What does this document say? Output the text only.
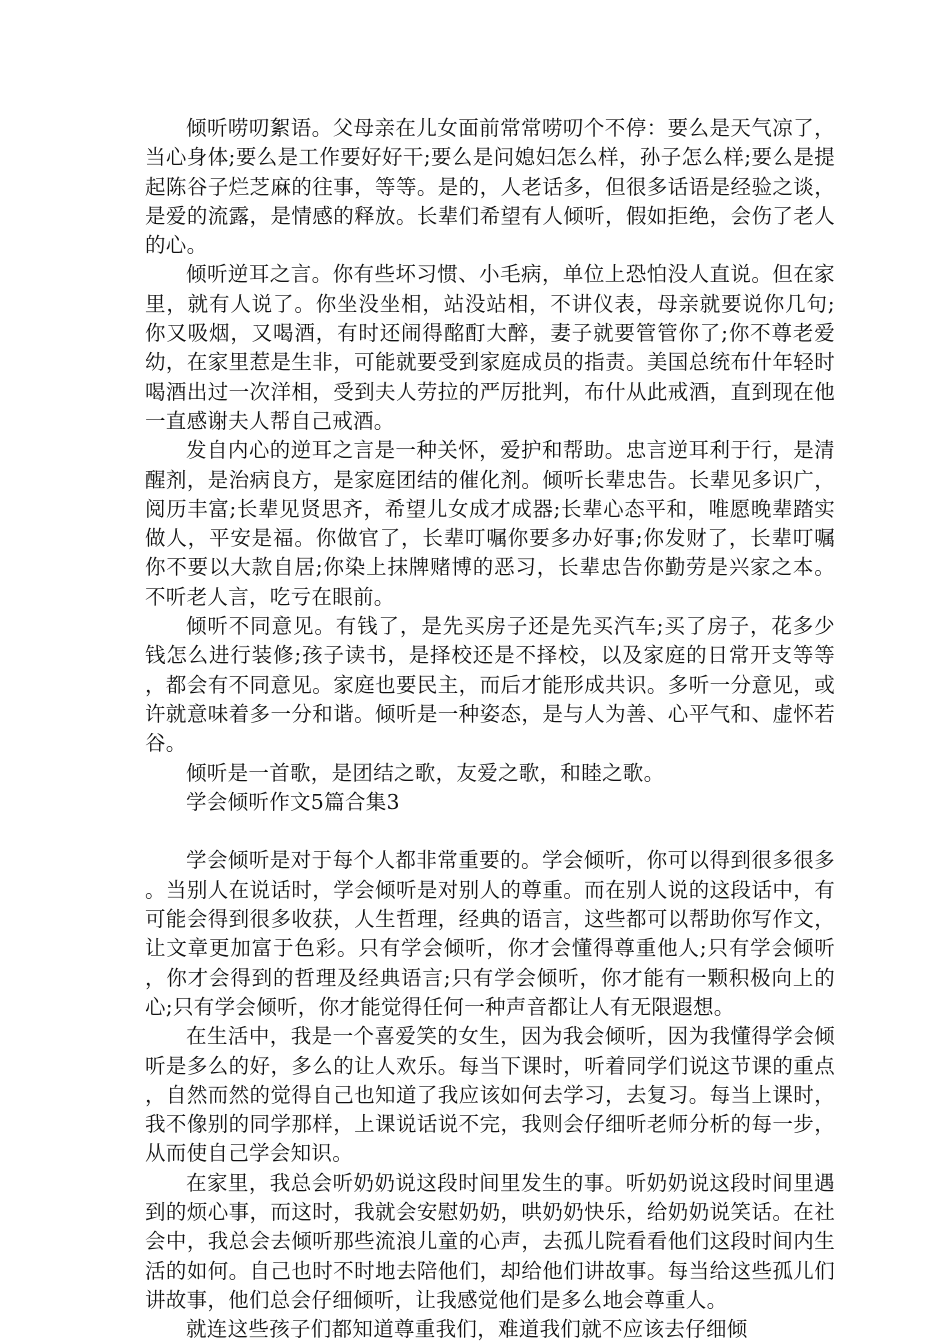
倾听唠叨絮语。父母亲在儿女面前常常唠叨个不停：要么是天气凉了，当心身体;要么是工作要好好干;要么是问媳妇怎么样，孙子怎么样;要么是提起陈谷子烂芝麻的往事，等等。是的，人老话多，但很多话语是经验之谈，是爱的流露，是情感的释放。长辈们希望有人倾听，假如拒绝，会伤了老人的心。

倾听逆耳之言。你有些坏习惯、小毛病，单位上恐怕没人直说。但在家里，就有人说了。你坐没坐相，站没站相，不讲仪表，母亲就要说你几句;你又吸烟，又喝酒，有时还闹得酩酊大醉，妻子就要管管你了;你不尊老爱幼，在家里惹是生非，可能就要受到家庭成员的指责。美国总统布什年轻时喝酒出过一次洋相，受到夫人劳拉的严厉批判，布什从此戒酒，直到现在他一直感谢夫人帮自己戒酒。

发自内心的逆耳之言是一种关怀，爱护和帮助。忠言逆耳利于行，是清醒剂，是治病良方，是家庭团结的催化剂。倾听长辈忠告。长辈见多识广，阅历丰富;长辈见贤思齐，希望儿女成才成器;长辈心态平和，唯愿晚辈踏实做人，平安是福。你做官了，长辈叮嘱你要多办好事;你发财了，长辈叮嘱你不要以大款自居;你染上抹牌赌博的恶习，长辈忠告你勤劳是兴家之本。不听老人言，吃亏在眼前。

倾听不同意见。有钱了，是先买房子还是先买汽车;买了房子，花多少钱怎么进行装修;孩子读书，是择校还是不择校，以及家庭的日常开支等等，都会有不同意见。家庭也要民主，而后才能形成共识。多听一分意见，或许就意味着多一分和谐。倾听是一种姿态，是与人为善、心平气和、虚怀若谷。

倾听是一首歌，是团结之歌，友爱之歌，和睦之歌。

学会倾听作文5篇合集3

学会倾听是对于每个人都非常重要的。学会倾听，你可以得到很多很多。当别人在说话时，学会倾听是对别人的尊重。而在别人说的这段话中，有可能会得到很多收获，人生哲理，经典的语言，这些都可以帮助你写作文，让文章更加富于色彩。只有学会倾听，你才会懂得尊重他人;只有学会倾听，你才会得到的哲理及经典语言;只有学会倾听，你才能有一颗积极向上的心;只有学会倾听，你才能觉得任何一种声音都让人有无限遐想。

在生活中，我是一个喜爱笑的女生，因为我会倾听，因为我懂得学会倾听是多么的好，多么的让人欢乐。每当下课时，听着同学们说这节课的重点，自然而然的觉得自己也知道了我应该如何去学习，去复习。每当上课时，我不像别的同学那样，上课说话说不完，我则会仔细听老师分析的每一步，从而使自己学会知识。

在家里，我总会听奶奶说这段时间里发生的事。听奶奶说这段时间里遇到的烦心事，而这时，我就会安慰奶奶，哄奶奶快乐，给奶奶说笑话。在社会中，我总会去倾听那些流浪儿童的心声，去孤儿院看看他们这段时间内生活的如何。自己也时不时地去陪他们，却给他们讲故事。每当给这些孤儿们讲故事，他们总会仔细倾听，让我感觉他们是多么地会尊重人。

就连这些孩子们都知道尊重我们，难道我们就不应该去仔细倾
